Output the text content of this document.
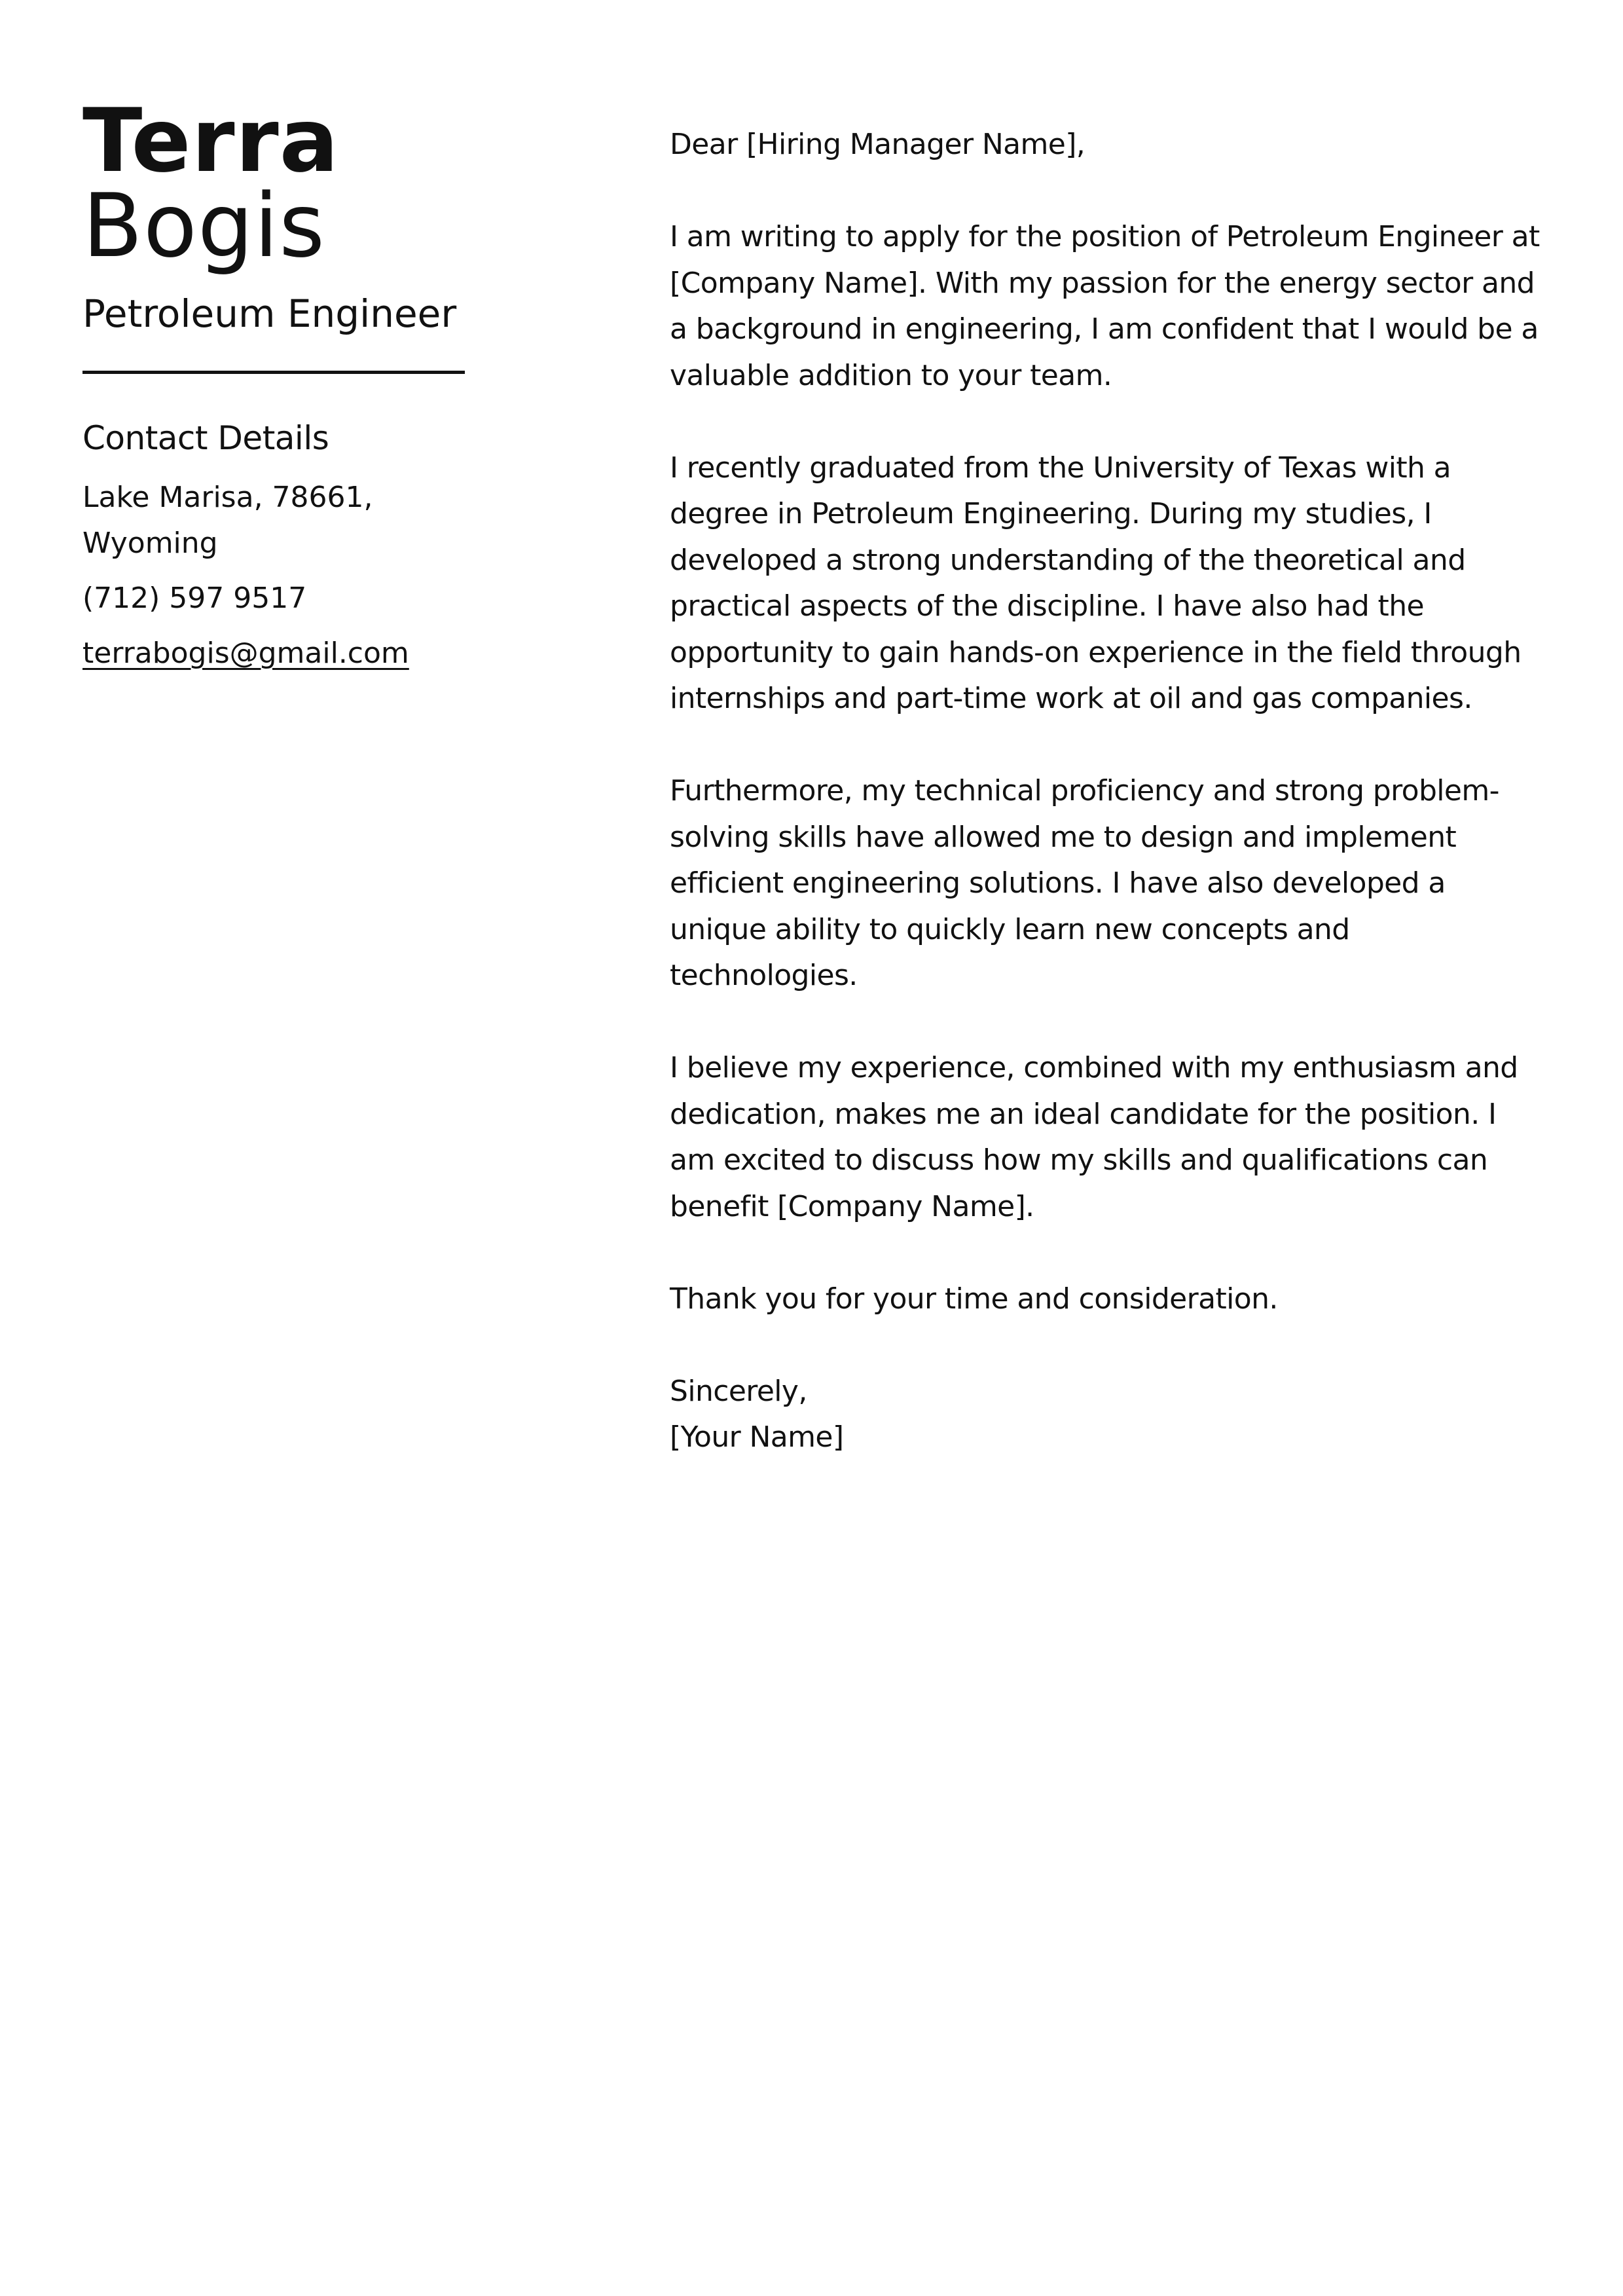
Terra
Bogis
Petroleum Engineer
Contact Details
Lake Marisa, 78661, Wyoming
(712) 597 9517
terrabogis@gmail.com

Dear [Hiring Manager Name],

I am writing to apply for the position of Petroleum Engineer at [Company Name]. With my passion for the energy sector and a background in engineering, I am confident that I would be a valuable addition to your team.

I recently graduated from the University of Texas with a degree in Petroleum Engineering. During my studies, I developed a strong understanding of the theoretical and practical aspects of the discipline. I have also had the opportunity to gain hands-on experience in the field through internships and part-time work at oil and gas companies.

Furthermore, my technical proficiency and strong problem-solving skills have allowed me to design and implement efficient engineering solutions. I have also developed a unique ability to quickly learn new concepts and technologies.

I believe my experience, combined with my enthusiasm and dedication, makes me an ideal candidate for the position. I am excited to discuss how my skills and qualifications can benefit [Company Name].

Thank you for your time and consideration.

Sincerely,

[Your Name]
